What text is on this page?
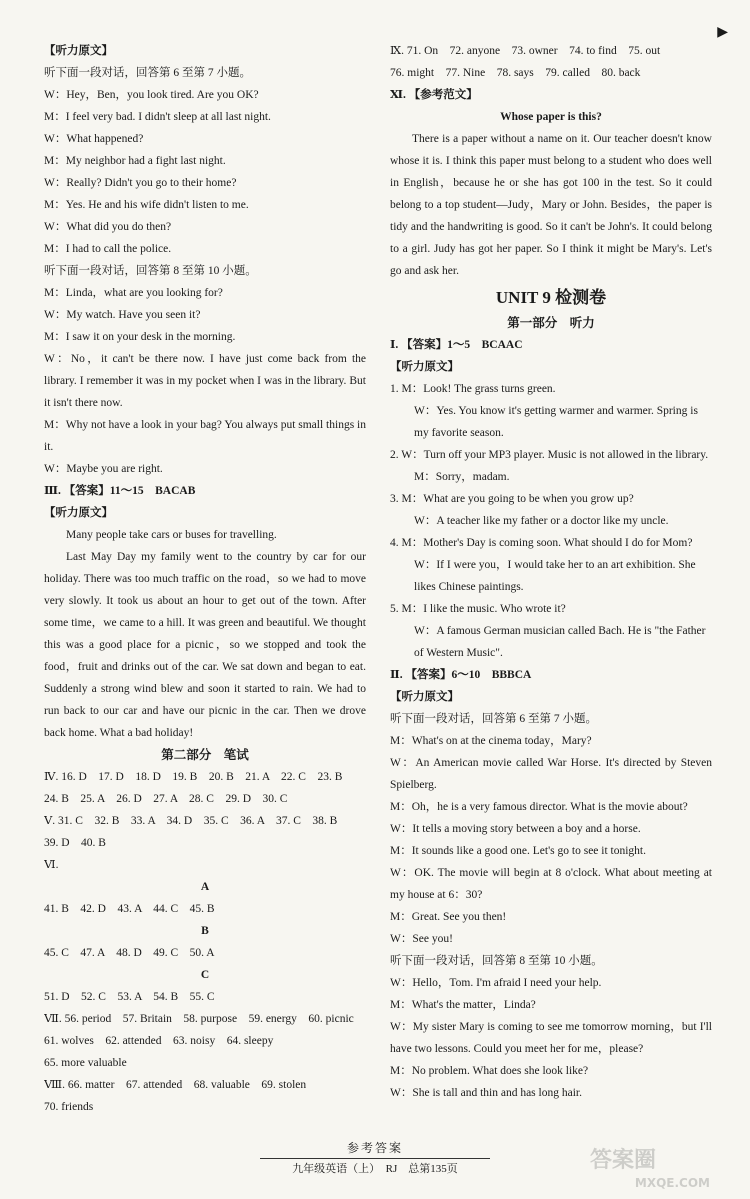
▶
【听力原文】
听下面一段对话，回答第 6 至第 7 小题。
W：Hey，Ben，you look tired. Are you OK?
M：I feel very bad. I didn't sleep at all last night.
W：What happened?
M：My neighbor had a fight last night.
W：Really? Didn't you go to their home?
M：Yes. He and his wife didn't listen to me.
W：What did you do then?
M：I had to call the police.
听下面一段对话，回答第 8 至第 10 小题。
M：Linda，what are you looking for?
W：My watch. Have you seen it?
M：I saw it on your desk in the morning.
W：No，it can't be there now. I have just come back from the library. I remember it was in my pocket when I was in the library. But it isn't there now.
M：Why not have a look in your bag? You always put small things in it.
W：Maybe you are right.
Ⅲ. 【答案】11～15　BACAB
【听力原文】
Many people take cars or buses for travelling.
Last May Day my family went to the country by car for our holiday. There was too much traffic on the road，so we had to move very slowly. It took us about an hour to get out of the town. After some time，we came to a hill. It was green and beautiful. We thought this was a good place for a picnic，so we stopped and took the food，fruit and drinks out of the car. We sat down and began to eat. Suddenly a strong wind blew and soon it started to rain. We had to run back to our car and have our picnic in the car. Then we drove back home. What a bad holiday!
第二部分　笔试
Ⅳ. 16. D　17. D　18. D　19. B　20. B　21. A　22. C　23. B
24. B　25. A　26. D　27. A　28. C　29. D　30. C
Ⅴ. 31. C　32. B　33. A　34. D　35. C　36. A　37. C　38. B
39. D　40. B
Ⅵ.
A
41. B　42. D　43. A　44. C　45. B
B
45. C　47. A　48. D　49. C　50. A
C
51. D　52. C　53. A　54. B　55. C
Ⅶ. 56. period　57. Britain　58. purpose　59. energy　60. picnic
61. wolves　62. attended　63. noisy　64. sleepy
65. more valuable
Ⅷ. 66. matter　67. attended　68. valuable　69. stolen
70. friends
Ⅸ. 71. On　72. anyone　73. owner　74. to find　75. out
76. might　77. Nine　78. says　79. called　80. back
Ⅺ. 【参考范文】
Whose paper is this?
There is a paper without a name on it. Our teacher doesn't know whose it is. I think this paper must belong to a student who does well in English，because he or she has got 100 in the test. So it could belong to a top student—Judy，Mary or John. Besides，the paper is tidy and the handwriting is good. So it can't be John's. It could belong to a girl. Judy has got her paper. So I think it might be Mary's. Let's go and ask her.
UNIT 9 检测卷
第一部分　听力
Ⅰ. 【答案】1～5　BCAAC
【听力原文】
1. M：Look! The grass turns green.
W：Yes. You know it's getting warmer and warmer. Spring is my favorite season.
2. W：Turn off your MP3 player. Music is not allowed in the library.
M：Sorry，madam.
3. M：What are you going to be when you grow up?
W：A teacher like my father or a doctor like my uncle.
4. M：Mother's Day is coming soon. What should I do for Mom?
W：If I were you，I would take her to an art exhibition. She likes Chinese paintings.
5. M：I like the music. Who wrote it?
W：A famous German musician called Bach. He is "the Father of Western Music".
Ⅱ. 【答案】6～10　BBBCA
【听力原文】
听下面一段对话，回答第 6 至第 7 小题。
M：What's on at the cinema today，Mary?
W：An American movie called War Horse. It's directed by Steven Spielberg.
M：Oh，he is a very famous director. What is the movie about?
W：It tells a moving story between a boy and a horse.
M：It sounds like a good one. Let's go to see it tonight.
W：OK. The movie will begin at 8 o'clock. What about meeting at my house at 6：30?
M：Great. See you then!
W：See you!
听下面一段对话，回答第 8 至第 10 小题。
W：Hello，Tom. I'm afraid I need your help.
M：What's the matter，Linda?
W：My sister Mary is coming to see me tomorrow morning，but I'll have two lessons. Could you meet her for me，please?
M：No problem. What does she look like?
W：She is tall and thin and has long hair.
参考答案
九年级英语（上）　RJ　总第135页	答案圈
MXQE.COM
